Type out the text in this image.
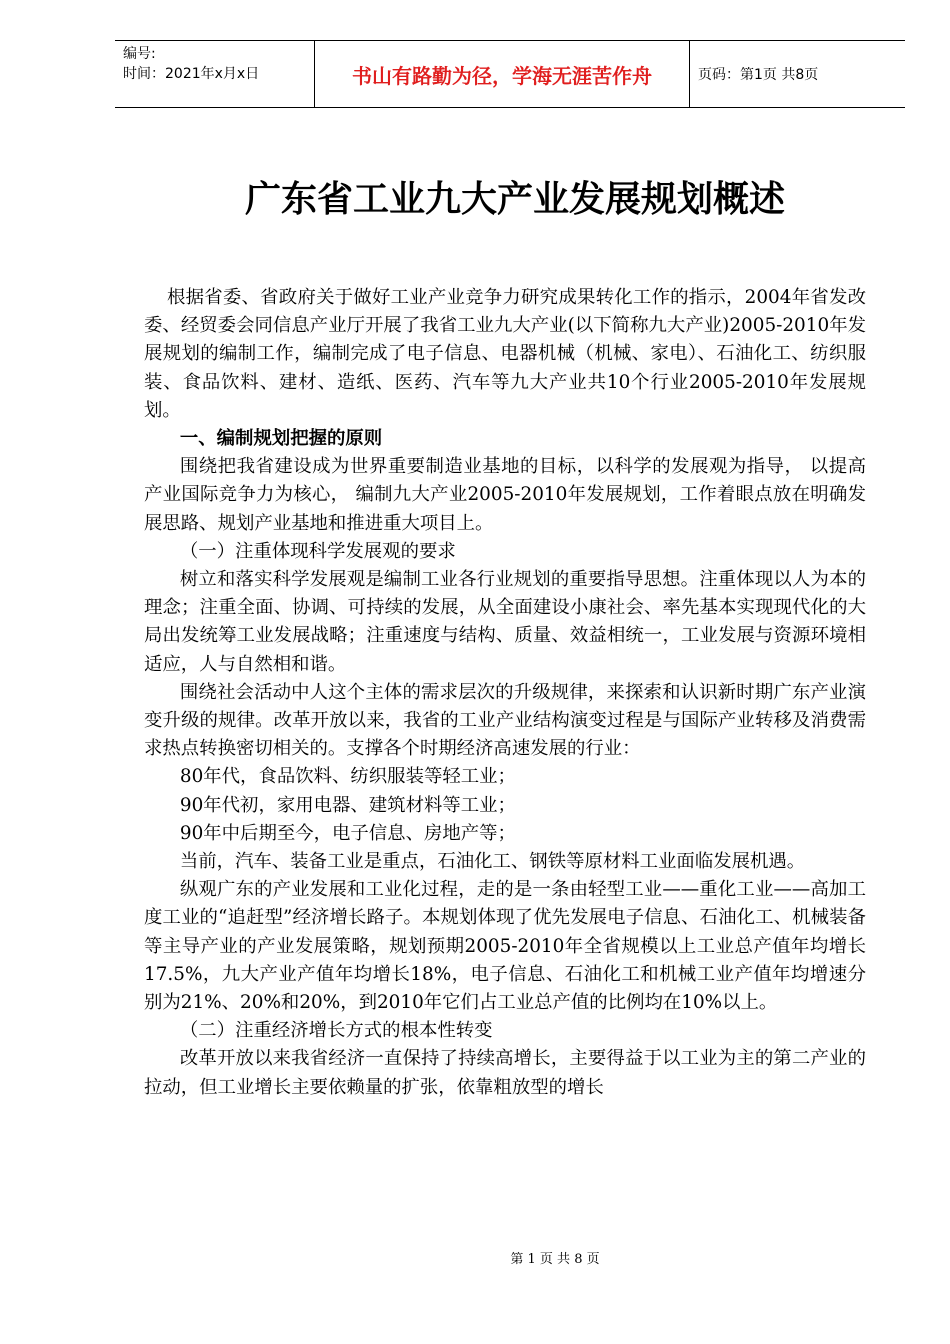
编号:
时间：2021年x月x日	书山有路勤为径，学海无涯苦作舟	页码：第1页 共8页
广东省工业九大产业发展规划概述

根据省委、省政府关于做好工业产业竞争力研究成果转化工作的指示，2004年省发改委、经贸委会同信息产业厅开展了我省工业九大产业(以下简称九大产业)2005-2010年发展规划的编制工作，编制完成了电子信息、电器机械（机械、家电）、石油化工、纺织服装、食品饮料、建材、造纸、医药、汽车等九大产业共10个行业2005-2010年发展规划。

一、编制规划把握的原则

围绕把我省建设成为世界重要制造业基地的目标，以科学的发展观为指导， 以提高产业国际竞争力为核心， 编制九大产业2005-2010年发展规划，工作着眼点放在明确发展思路、规划产业基地和推进重大项目上。

（一）注重体现科学发展观的要求

树立和落实科学发展观是编制工业各行业规划的重要指导思想。注重体现以人为本的理念；注重全面、协调、可持续的发展，从全面建设小康社会、率先基本实现现代化的大局出发统筹工业发展战略；注重速度与结构、质量、效益相统一，工业发展与资源环境相适应，人与自然相和谐。

围绕社会活动中人这个主体的需求层次的升级规律，来探索和认识新时期广东产业演变升级的规律。改革开放以来，我省的工业产业结构演变过程是与国际产业转移及消费需求热点转换密切相关的。支撑各个时期经济高速发展的行业：

80年代，食品饮料、纺织服装等轻工业；

90年代初，家用电器、建筑材料等工业；

90年中后期至今，电子信息、房地产等；

当前，汽车、装备工业是重点，石油化工、钢铁等原材料工业面临发展机遇。

纵观广东的产业发展和工业化过程，走的是一条由轻型工业——重化工业——高加工度工业的“追赶型”经济增长路子。本规划体现了优先发展电子信息、石油化工、机械装备等主导产业的产业发展策略，规划预期2005-2010年全省规模以上工业总产值年均增长17.5%，九大产业产值年均增长18%，电子信息、石油化工和机械工业产值年均增速分别为21%、20%和20%，到2010年它们占工业总产值的比例均在10%以上。

（二）注重经济增长方式的根本性转变

改革开放以来我省经济一直保持了持续高增长，主要得益于以工业为主的第二产业的拉动，但工业增长主要依赖量的扩张，依靠粗放型的增长

第 1 页 共 8 页
